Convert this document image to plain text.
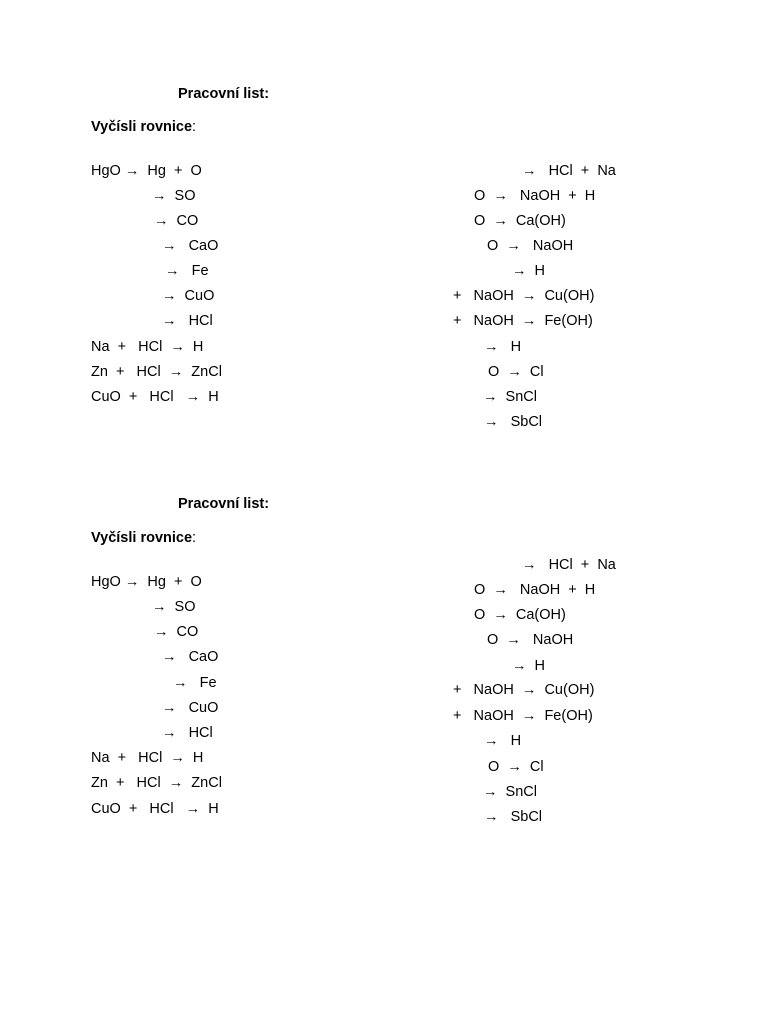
Pracovní list:
Vyčísli rovnice:
HgO →  Hg  +  O
→  SO
→  CO
→   CaO
→   Fe
→  CuO
→   HCl
Na  +   HCl  →  H
Zn  +   HCl  →  ZnCl
CuO  +   HCl   →  H
→   HCl  +  Na
O  →   NaOH  +  H
O  →  Ca(OH)
O  →   NaOH
→  H
+   NaOH  →  Cu(OH)
+   NaOH  →  Fe(OH)
→   H
O  →  Cl
→  SnCl
→   SbCl
Pracovní list:
Vyčísli rovnice:
HgO →  Hg  +  O
→  SO
→  CO
→   CaO
→   Fe
→   CuO
→   HCl
Na  +   HCl  →  H
Zn  +   HCl  →  ZnCl
CuO  +   HCl   →  H
→   HCl  +  Na
O  →   NaOH  +  H
O  →  Ca(OH)
O  →   NaOH
→  H
+   NaOH  →  Cu(OH)
+   NaOH  →  Fe(OH)
→   H
O  →  Cl
→  SnCl
→   SbCl
